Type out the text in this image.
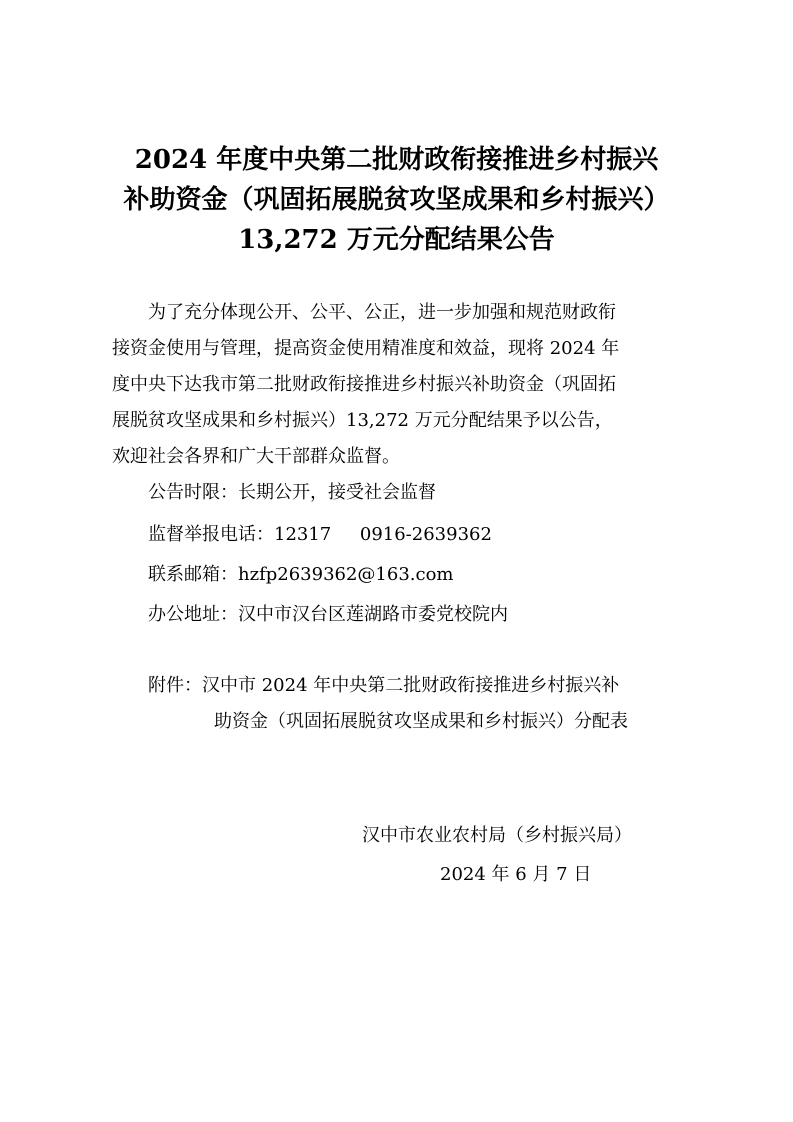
2024 年度中央第二批财政衔接推进乡村振兴
补助资金（巩固拓展脱贫攻坚成果和乡村振兴）
13,272 万元分配结果公告
为了充分体现公开、公平、公正，进一步加强和规范财政衔
接资金使用与管理，提高资金使用精准度和效益，现将 2024 年
度中央下达我市第二批财政衔接推进乡村振兴补助资金（巩固拓
展脱贫攻坚成果和乡村振兴）13,272 万元分配结果予以公告，
欢迎社会各界和广大干部群众监督。
公告时限：长期公开，接受社会监督
监督举报电话：12317     0916-2639362
联系邮箱：hzfp2639362@163.com
办公地址：汉中市汉台区莲湖路市委党校院内
附件：汉中市 2024 年中央第二批财政衔接推进乡村振兴补
助资金（巩固拓展脱贫攻坚成果和乡村振兴）分配表
汉中市农业农村局（乡村振兴局）
2024 年 6 月 7 日
